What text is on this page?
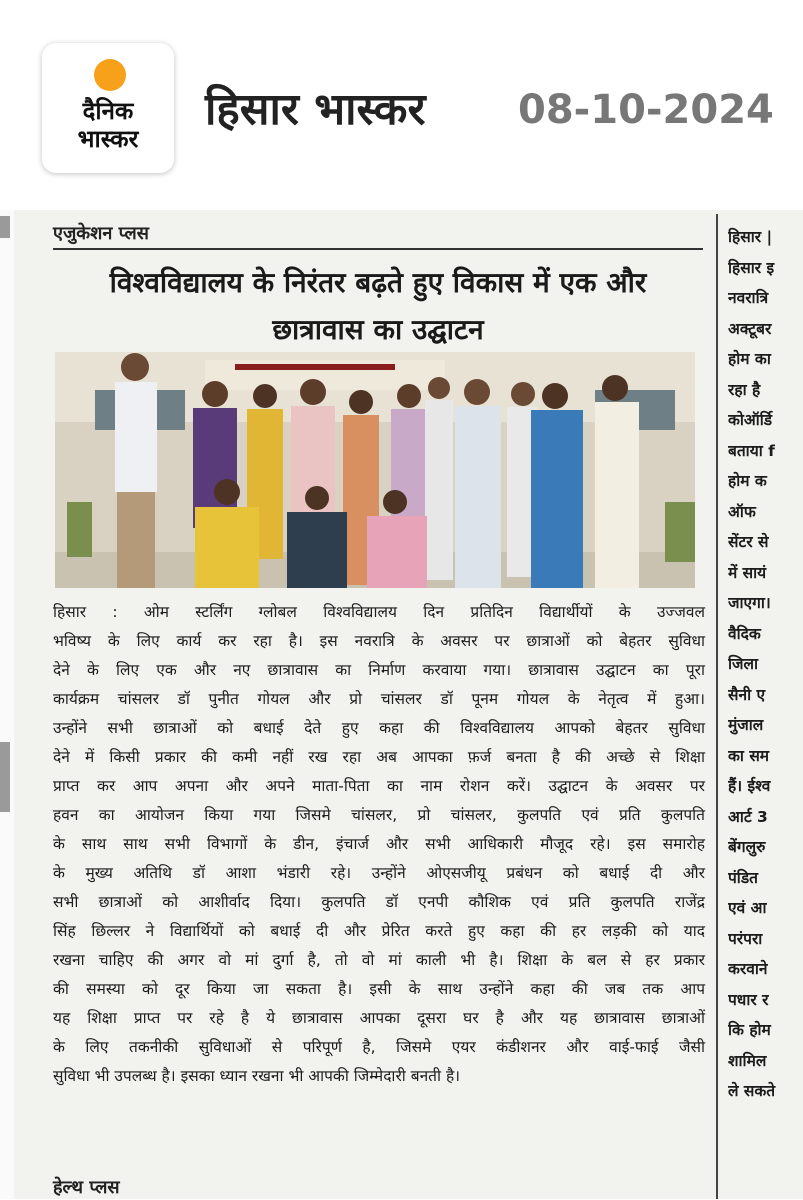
दैनिक
भास्कर
हिसार भास्कर 08-10-2024
एजुकेशन प्लस
विश्वविद्यालय के निरंतर बढ़ते हुए विकास में एक और
छात्रावास का उद्घाटन
हिसार : ओम स्टर्लिंग ग्लोबल विश्वविद्यालय दिन प्रतिदिन विद्यार्थीयों के उज्जवल
भविष्य के लिए कार्य कर रहा है। इस नवरात्रि के अवसर पर छात्राओं को बेहतर सुविधा
देने के लिए एक और नए छात्रावास का निर्माण करवाया गया। छात्रावास उद्घाटन का पूरा
कार्यक्रम चांसलर डॉ पुनीत गोयल और प्रो चांसलर डॉ पूनम गोयल के नेतृत्व में हुआ।
उन्होंने सभी छात्राओं को बधाई देते हुए कहा की विश्वविद्यालय आपको बेहतर सुविधा
देने में किसी प्रकार की कमी नहीं रख रहा अब आपका फ़र्ज बनता है की अच्छे से शिक्षा
प्राप्त कर आप अपना और अपने माता-पिता का नाम रोशन करें। उद्घाटन के अवसर पर
हवन का आयोजन किया गया जिसमे चांसलर, प्रो चांसलर, कुलपति एवं प्रति कुलपति
के साथ साथ सभी विभागों के डीन, इंचार्ज और सभी आधिकारी मौजूद रहे। इस समारोह
के मुख्य अतिथि डॉ आशा भंडारी रहे। उन्होंने ओएसजीयू प्रबंधन को बधाई दी और
सभी छात्राओं को आशीर्वाद दिया। कुलपति डॉ एनपी कौशिक एवं प्रति कुलपति राजेंद्र
सिंह छिल्लर ने विद्यार्थियों को बधाई दी और प्रेरित करते हुए कहा की हर लड़की को याद
रखना चाहिए की अगर वो मां दुर्गा है, तो वो मां काली भी है। शिक्षा के बल से हर प्रकार
की समस्या को दूर किया जा सकता है। इसी के साथ उन्होंने कहा की जब तक आप
यह शिक्षा प्राप्त पर रहे है ये छात्रावास आपका दूसरा घर है और यह छात्रावास छात्राओं
के लिए तकनीकी सुविधाओं से परिपूर्ण है, जिसमे एयर कंडीशनर और वाई-फाई जैसी
सुविधा भी उपलब्ध है। इसका ध्यान रखना भी आपकी जिम्मेदारी बनती है।
हेल्थ प्लस
हिसार |
हिसार इ
नवरात्रि
अक्टूबर
होम का
रहा है
कोऑर्डि
बताया f
होम क
ऑफ
सेंटर से
में सायं
जाएगा।
वैदिक
जिला
सैनी ए
मुंजाल
का सम
हैं। ईश्व
आर्ट 3
बेंगलुरु
पंडित
एवं आ
परंपरा
करवाने
पधार र
कि होम
शामिल
ले सकते
